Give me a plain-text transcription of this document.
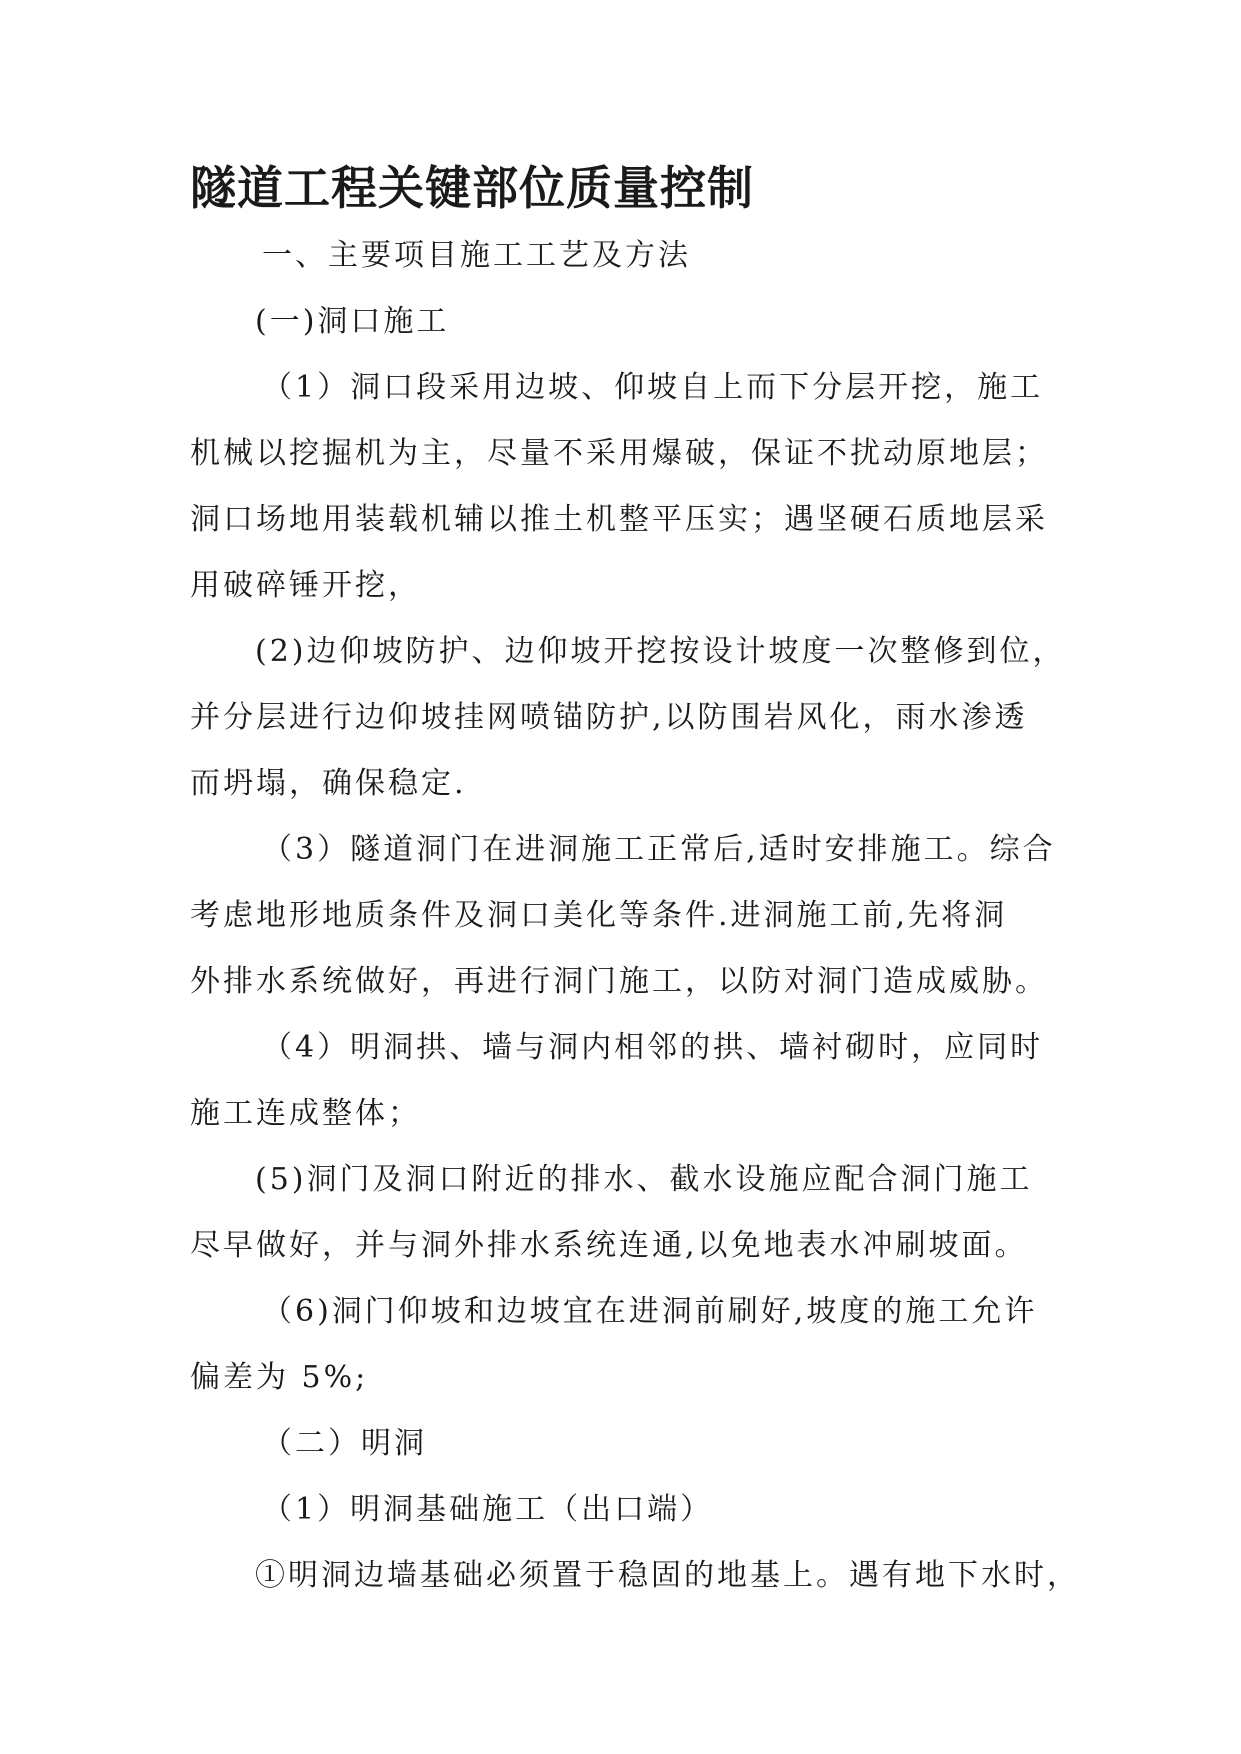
隧道工程关键部位质量控制
一、主要项目施工工艺及方法
(一)洞口施工
（1）洞口段采用边坡、仰坡自上而下分层开挖，施工
机械以挖掘机为主，尽量不采用爆破，保证不扰动原地层；
洞口场地用装载机辅以推土机整平压实；遇坚硬石质地层采
用破碎锤开挖，
(2)边仰坡防护、边仰坡开挖按设计坡度一次整修到位，
并分层进行边仰坡挂网喷锚防护,以防围岩风化，雨水渗透
而坍塌，确保稳定.
（3）隧道洞门在进洞施工正常后,适时安排施工。综合
考虑地形地质条件及洞口美化等条件.进洞施工前,先将洞
外排水系统做好，再进行洞门施工，以防对洞门造成威胁。
（4）明洞拱、墙与洞内相邻的拱、墙衬砌时，应同时
施工连成整体；
(5)洞门及洞口附近的排水、截水设施应配合洞门施工
尽早做好，并与洞外排水系统连通,以免地表水冲刷坡面。
（6)洞门仰坡和边坡宜在进洞前刷好,坡度的施工允许
偏差为 5%;
（二）明洞
（1）明洞基础施工（出口端）
①明洞边墙基础必须置于稳固的地基上。遇有地下水时，
